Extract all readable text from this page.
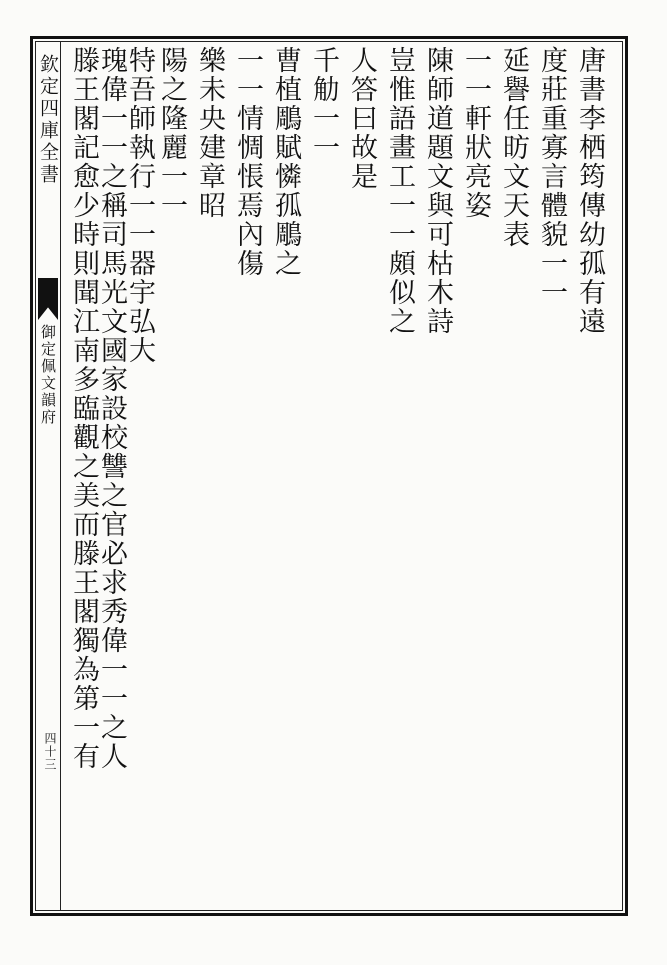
欽定四庫全書
御定佩文韻府
四十三
唐書李栖筠傳幼孤有遠
度莊重寡言體貌一一
延譽任昉文天表
一一軒狀亮姿
陳師道題文與可枯木詩
豈惟語畫工一一頗似之
人答曰故是
千觔一一
曹植鵰賦憐孤鵰之
一一情惆悵焉內傷
樂未央建章昭
陽之隆麗一一
特吾師執行一一器宇弘大
瑰偉一一之稱司馬光文國家設校讐之官必求秀偉一一之人
滕王閣記愈少時則聞江南多臨觀之美而滕王閣獨為第一有
